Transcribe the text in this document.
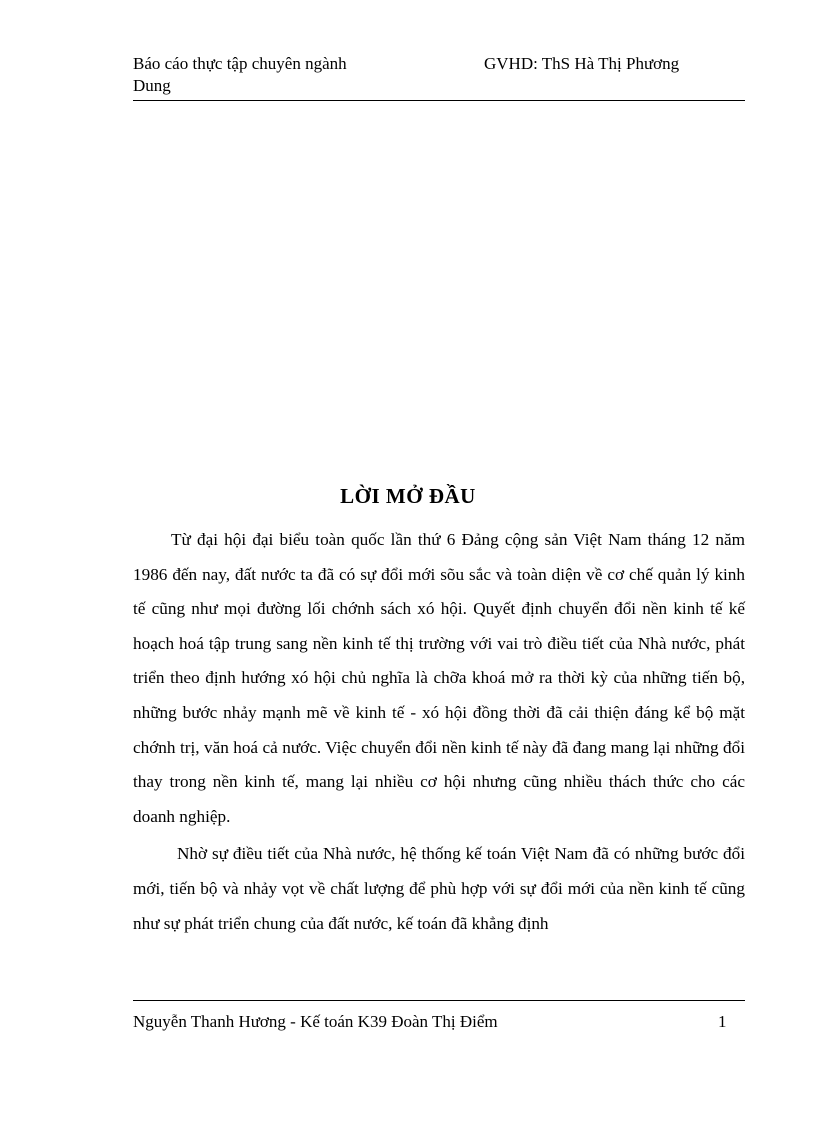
Báo cáo thực tập chuyên ngành
Dung
GVHD: ThS Hà Thị Phương
LỜI MỞ ĐẦU

Từ đại hội đại biểu toàn quốc lần thứ 6 Đảng cộng sản Việt Nam tháng 12 năm 1986 đến nay, đất nước ta đã có sự đổi mới sõu sắc và toàn diện về cơ chế quản lý kinh tế cũng như mọi đường lối chớnh sách xó hội. Quyết định chuyển đổi nền kinh tế kế hoạch hoá tập trung sang nền kinh tế thị trường với vai trò điều tiết của Nhà nước, phát triển theo định hướng xó hội chủ nghĩa là chỡa khoá mở ra thời kỳ của những tiến bộ, những bước nhảy mạnh mẽ về kinh tế - xó hội đồng thời đã cải thiện đáng kể bộ mặt chớnh trị, văn hoá cả nước. Việc chuyển đổi nền kinh tế này đã đang mang lại những đổi thay trong nền kinh tế, mang lại nhiều cơ hội nhưng cũng nhiều thách thức cho các doanh nghiệp.

Nhờ sự điều tiết của Nhà nước, hệ thống kế toán Việt Nam đã có những bước đổi mới, tiến bộ và nhảy vọt về chất lượng để phù hợp với sự đổi mới của nền kinh tế cũng như sự phát triển chung của đất nước, kế toán đã khẳng định

Nguyễn Thanh Hương - Kế toán K39 Đoàn Thị Điểm	1
